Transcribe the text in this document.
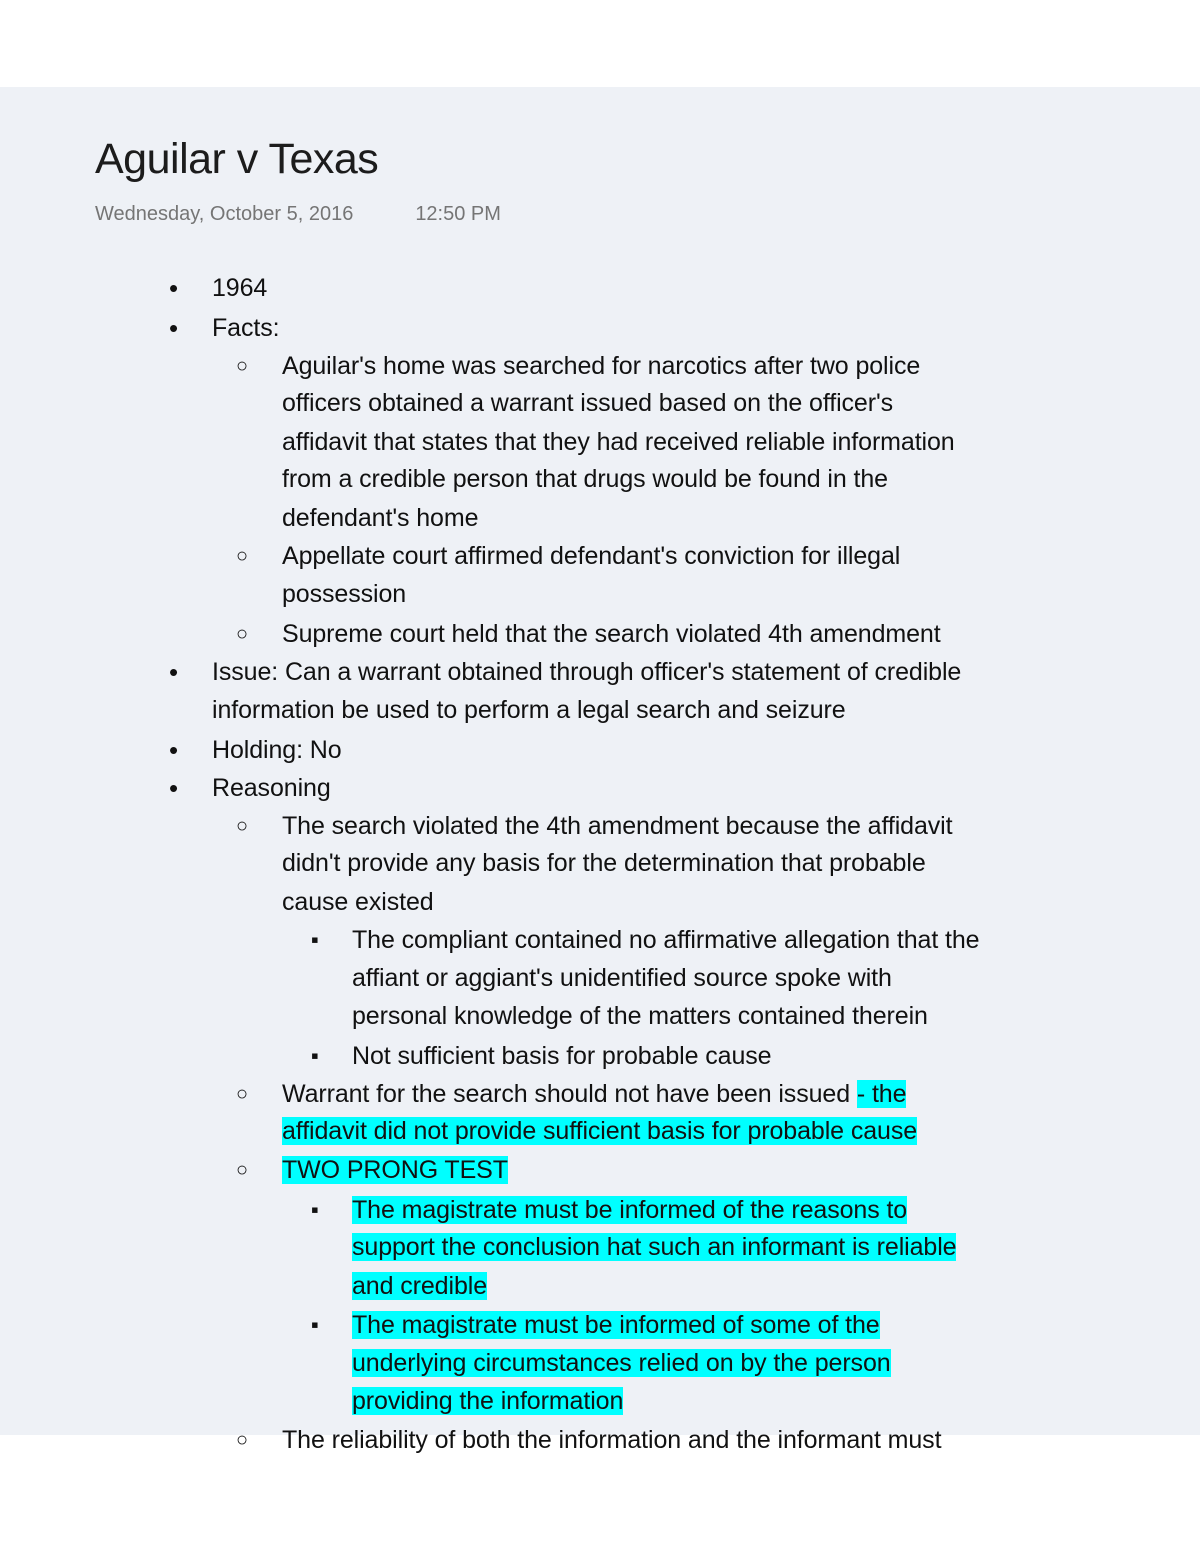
Aguilar v Texas
Wednesday, October 5, 2016	12:50 PM
•
1964
•
Facts:
○
Aguilar's home was searched for narcotics after two police
officers obtained a warrant issued based on the officer's
affidavit that states that they had received reliable information
from a credible person that drugs would be found in the
defendant's home
○
Appellate court affirmed defendant's conviction for illegal
possession
○
Supreme court held that the search violated 4th amendment
•
Issue: Can a warrant obtained through officer's statement of credible
information be used to perform a legal search and seizure
•
Holding: No
•
Reasoning
○
The search violated the 4th amendment because the affidavit
didn't provide any basis for the determination that probable
cause existed
▪
The compliant contained no affirmative allegation that the
affiant or aggiant's unidentified source spoke with
personal knowledge of the matters contained therein
▪
Not sufficient basis for probable cause
○
Warrant for the search should not have been issued - the
affidavit did not provide sufficient basis for probable cause
○
TWO PRONG TEST
▪
The magistrate must be informed of the reasons to
support the conclusion hat such an informant is reliable
and credible
▪
The magistrate must be informed of some of the
underlying circumstances relied on by the person
providing the information
○
The reliability of both the information and the informant must
